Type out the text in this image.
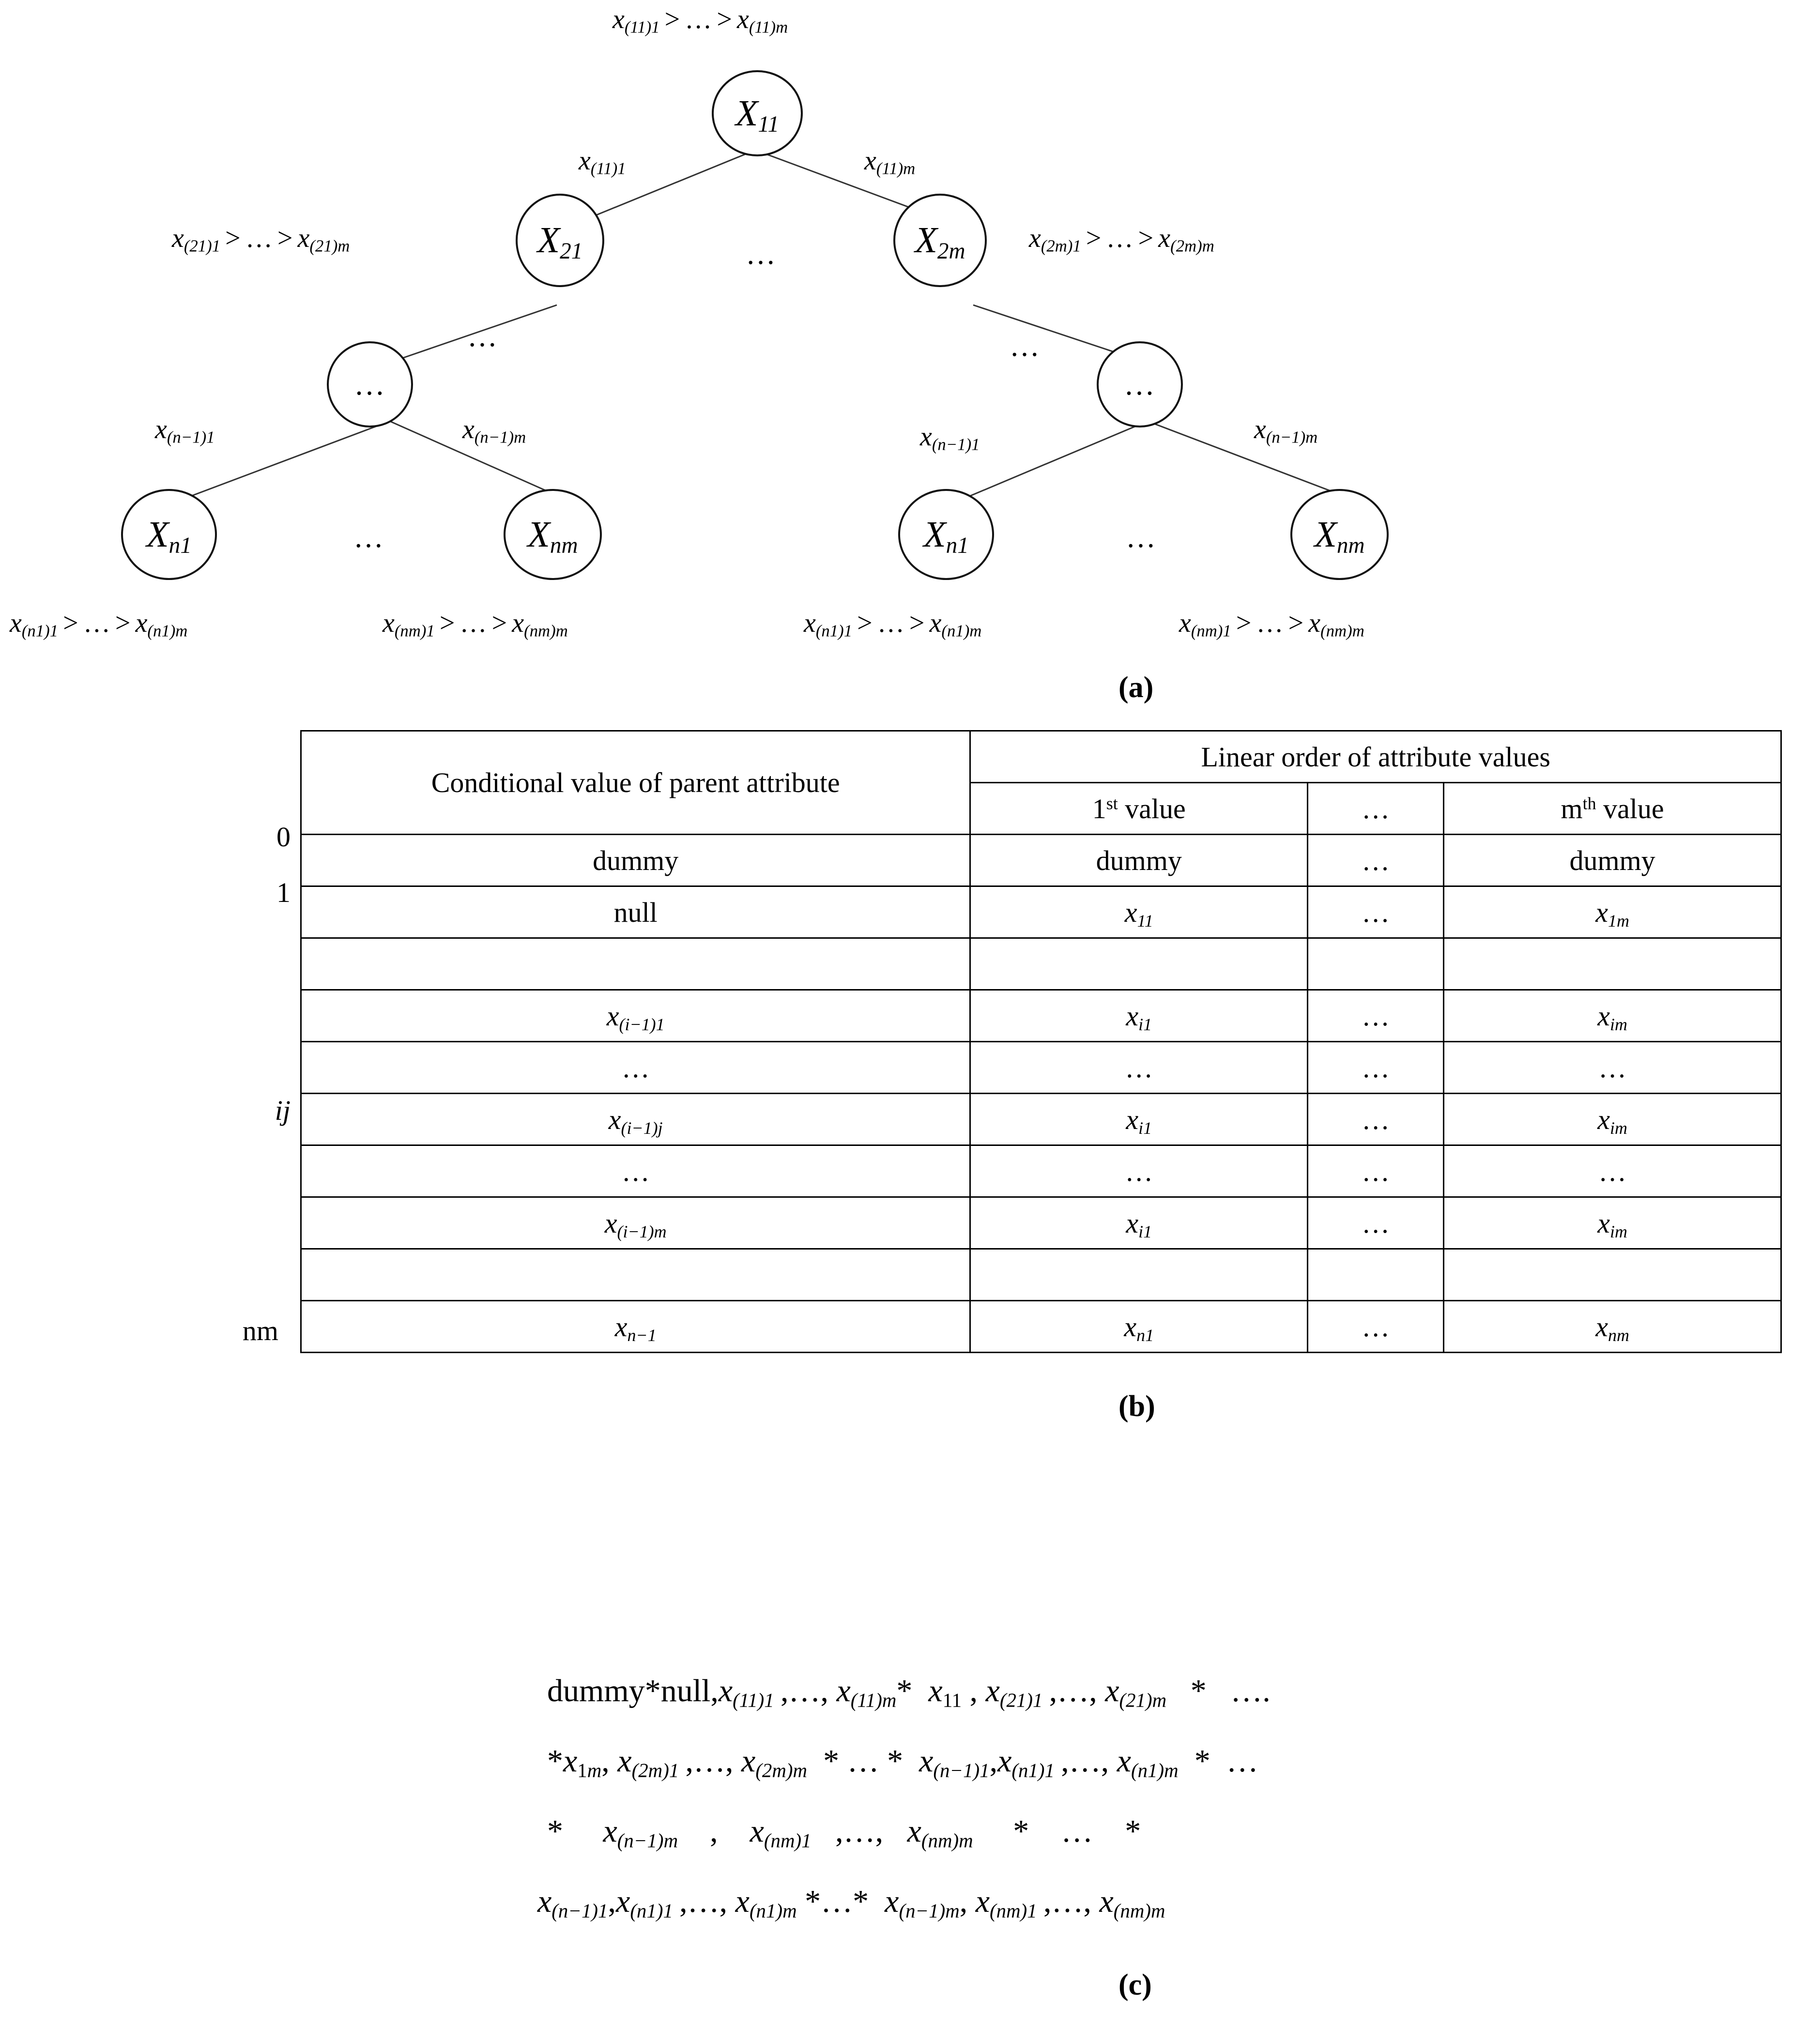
$x_{(11)1}$ > … > $x_{(11)m}$
$X_{11}$
$x_{(11)1}$	$x_{(11)m}$
$x_{(21)1}$ > … > $x_{(21)m}$	$X_{21}$	…	$X_{2m}$ $x_{(2m)1}$ > … > $x_{(2m)m}$
…	…
…	…
$x_{(n-1)1}$	$x_{(n-1)m}$	$x_{(n-1)1}$
$x_{(n-1)m}$
$X_{n1}$	…	$X_{nm}$	$X_{n1}$	…	$X_{nm}$
$x_{(n1)1}$ > … > $x_{(n1)m}$	$x_{(nm)1}$ > … > $x_{(nm)m}$	$x_{(n1)1}$ > … > $x_{(n1)m}$	$x_{(nm)1}$ > … > $x_{(nm)m}$
(a)
0
1
ij
nm
Conditional value of parent attribute	Linear order of attribute values		
	1st value	…	$m^{th}$ value
dummy	dummy	…	dummy
null	$x_{11}$	…	$x_{1m}$

$x_{(i-1)1}$	$x_{i1}$	…	$x_{im}$
…	…	…	…
$x_{(i-1)j}$	$x_{i1}$	…	$x_{im}$
…	…	…	…
$x_{(i-1)m}$	$x_{i1}$	…	$x_{im}$

$x_{n-1}$	$x_{n1}$	…	$x_{nm}$
(b)
$dummy*null,x_{(11)1}$ ,…, $x_{(11)m}*$ $x_{11}$ , $x_{(21)1}$ ,…, $x_{(21)m}$ *   ….
$*x_{1m}$, $x_{(2m)1}$ ,…, $x_{(2m)m}$ * … * $x_{(n-1)1},x_{(n1)1}$ ,…, $x_{(n1)m}$ *  …
* $x_{(n-1)m}$    ,    $x_{(nm)1}$   ,…,   $x_{(nm)m}$ *    …    *
$x_{(n-1)1},x_{(n1)1}$ ,…, $x_{(n1)m}$ *…* $x_{(n-1)m}$, $x_{(nm)1}$ ,…, $x_{(nm)m}$
(c)
